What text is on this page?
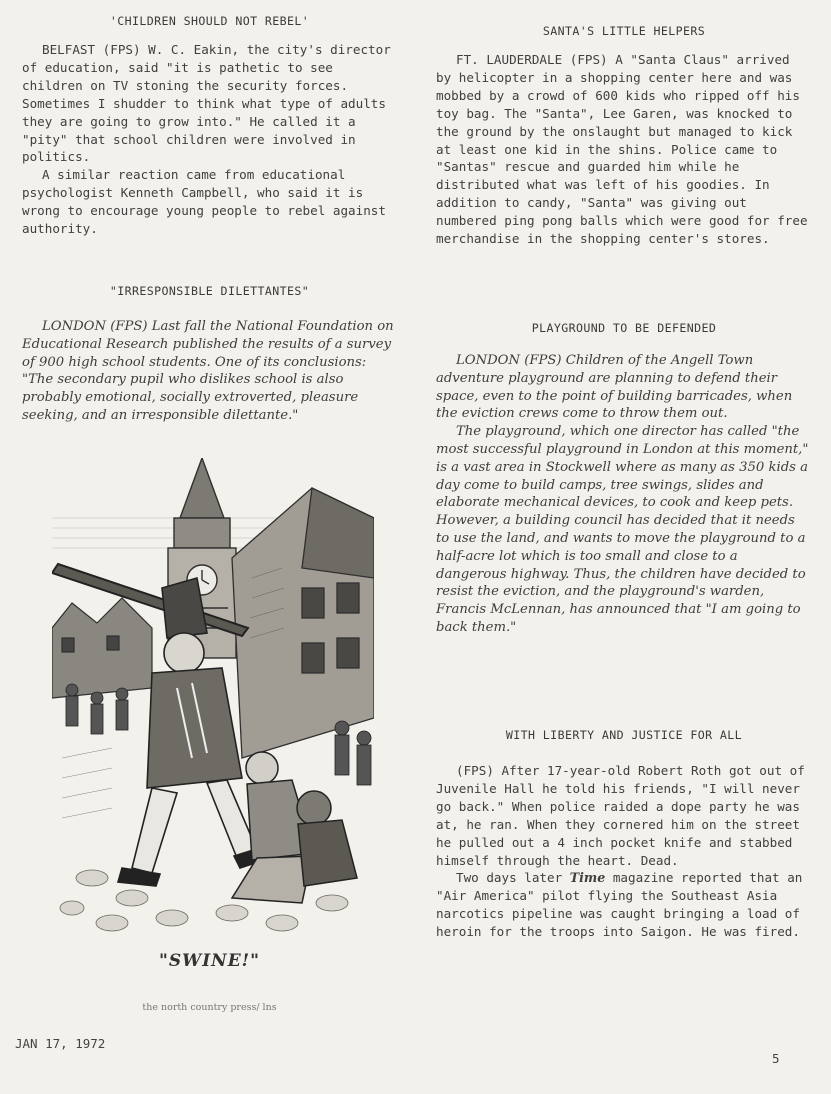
'CHILDREN SHOULD NOT REBEL'

BELFAST (FPS) W. C. Eakin, the city's director of education, said "it is pathetic to see children on TV stoning the security forces. Sometimes I shudder to think what type of adults they are going to grow into." He called it a "pity" that school children were involved in politics.

A similar reaction came from educational psychologist Kenneth Campbell, who said it is wrong to encourage young people to rebel against authority.

"IRRESPONSIBLE DILETTANTES"

LONDON (FPS) Last fall the National Foundation on Educational Research published the results of a survey of 900 high school students. One of its conclusions: "The secondary pupil who dislikes school is also probably emotional, socially extroverted, pleasure seeking, and an irresponsible dilettante."

"SWINE!"
the north country press/ lns
SANTA'S LITTLE HELPERS

FT. LAUDERDALE (FPS) A "Santa Claus" arrived by helicopter in a shopping center here and was mobbed by a crowd of 600 kids who ripped off his toy bag. The "Santa", Lee Garen, was knocked to the ground by the onslaught but managed to kick at least one kid in the shins. Police came to "Santas" rescue and guarded him while he distributed what was left of his goodies. In addition to candy, "Santa" was giving out numbered ping pong balls which were good for free merchandise in the shopping center's stores.

PLAYGROUND TO BE DEFENDED

LONDON (FPS) Children of the Angell Town adventure playground are planning to defend their space, even to the point of building barricades, when the eviction crews come to throw them out.

The playground, which one director has called "the most successful playground in London at this moment," is a vast area in Stockwell where as many as 350 kids a day come to build camps, tree swings, slides and elaborate mechanical devices, to cook and keep pets. However, a building council has decided that it needs to use the land, and wants to move the playground to a half-acre lot which is too small and close to a dangerous highway. Thus, the children have decided to resist the eviction, and the playground's warden, Francis McLennan, has announced that "I am going to back them."

WITH LIBERTY AND JUSTICE FOR ALL

(FPS) After 17-year-old Robert Roth got out of Juvenile Hall he told his friends, "I will never go back." When police raided a dope party he was at, he ran. When they cornered him on the street he pulled out a 4 inch pocket knife and stabbed himself through the heart. Dead.

Two days later Time magazine reported that an "Air America" pilot flying the Southeast Asia narcotics pipeline was caught bringing a load of heroin for the troops into Saigon. He was fired.

JAN 17, 1972
5
